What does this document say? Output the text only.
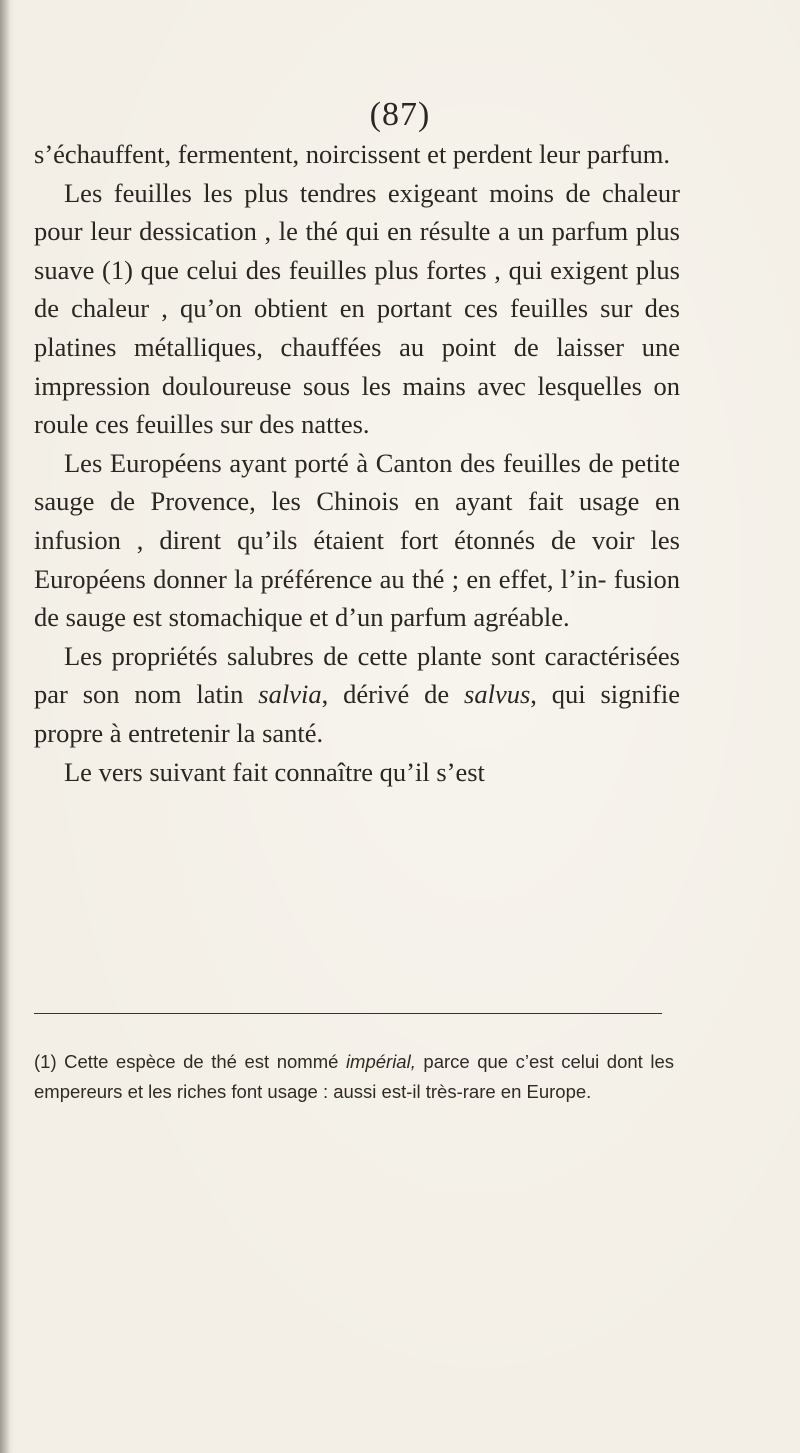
(87)

s’échauffent, fermentent, noircissent et perdent leur parfum.

Les feuilles les plus tendres exigeant moins de chaleur pour leur dessication , le thé qui en résulte a un parfum plus suave (1) que celui des feuilles plus fortes , qui exigent plus de chaleur , qu’on obtient en portant ces feuilles sur des platines métalliques, chauffées au point de laisser une impression douloureuse sous les mains avec lesquelles on roule ces feuilles sur des nattes.

Les Européens ayant porté à Canton des feuilles de petite sauge de Provence, les Chinois en ayant fait usage en infusion , dirent qu’ils étaient fort étonnés de voir les Européens donner la préférence au thé ; en effet, l’in- fusion de sauge est stomachique et d’un parfum agréable.

Les propriétés salubres de cette plante sont caractérisées par son nom latin salvia, dérivé de salvus, qui signifie propre à entretenir la santé.

Le vers suivant fait connaître qu’il s’est

(1) Cette espèce de thé est nommé impérial, parce que c’est celui dont les empereurs et les riches font usage : aussi est-il très-rare en Europe.
